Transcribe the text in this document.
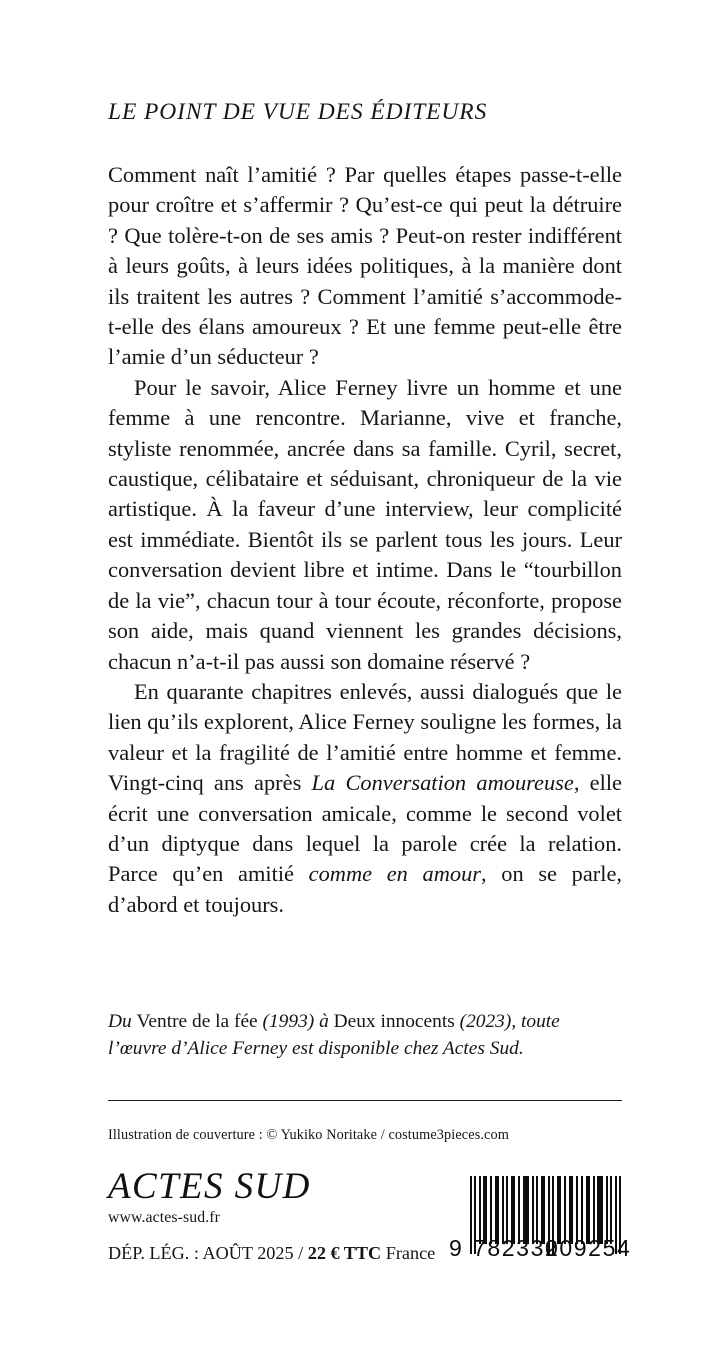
LE POINT DE VUE DES ÉDITEURS

Comment naît l’amitié ? Par quelles étapes passe-t-elle pour croître et s’affermir ? Qu’est-ce qui peut la détruire ? Que tolère-t-on de ses amis ? Peut-on rester indifférent à leurs goûts, à leurs idées politiques, à la manière dont ils traitent les autres ? Comment l’amitié s’accommode-t-elle des élans amoureux ? Et une femme peut-elle être l’amie d’un séducteur ?

Pour le savoir, Alice Ferney livre un homme et une femme à une rencontre. Marianne, vive et franche, styliste renommée, ancrée dans sa famille. Cyril, secret, caustique, célibataire et séduisant, chroniqueur de la vie artistique. À la faveur d’une interview, leur complicité est immédiate. Bientôt ils se parlent tous les jours. Leur conversation devient libre et intime. Dans le “tourbillon de la vie”, chacun tour à tour écoute, réconforte, propose son aide, mais quand viennent les grandes décisions, chacun n’a-t-il pas aussi son domaine réservé ?

En quarante chapitres enlevés, aussi dialogués que le lien qu’ils explorent, Alice Ferney souligne les formes, la valeur et la fragilité de l’amitié entre homme et femme. Vingt-cinq ans après La Conversation amoureuse, elle écrit une conversation amicale, comme le second volet d’un diptyque dans lequel la parole crée la relation. Parce qu’en amitié comme en amour, on se parle, d’abord et toujours.

Du Ventre de la fée (1993) à Deux innocents (2023), toute l’œuvre d’Alice Ferney est disponible chez Actes Sud.
Illustration de couverture : © Yukiko Noritake / costume3pieces.com
ACTES SUD
www.actes-sud.fr
DÉP. LÉG. : AOÛT 2025 / 22 € TTC France 9 782330
209254
